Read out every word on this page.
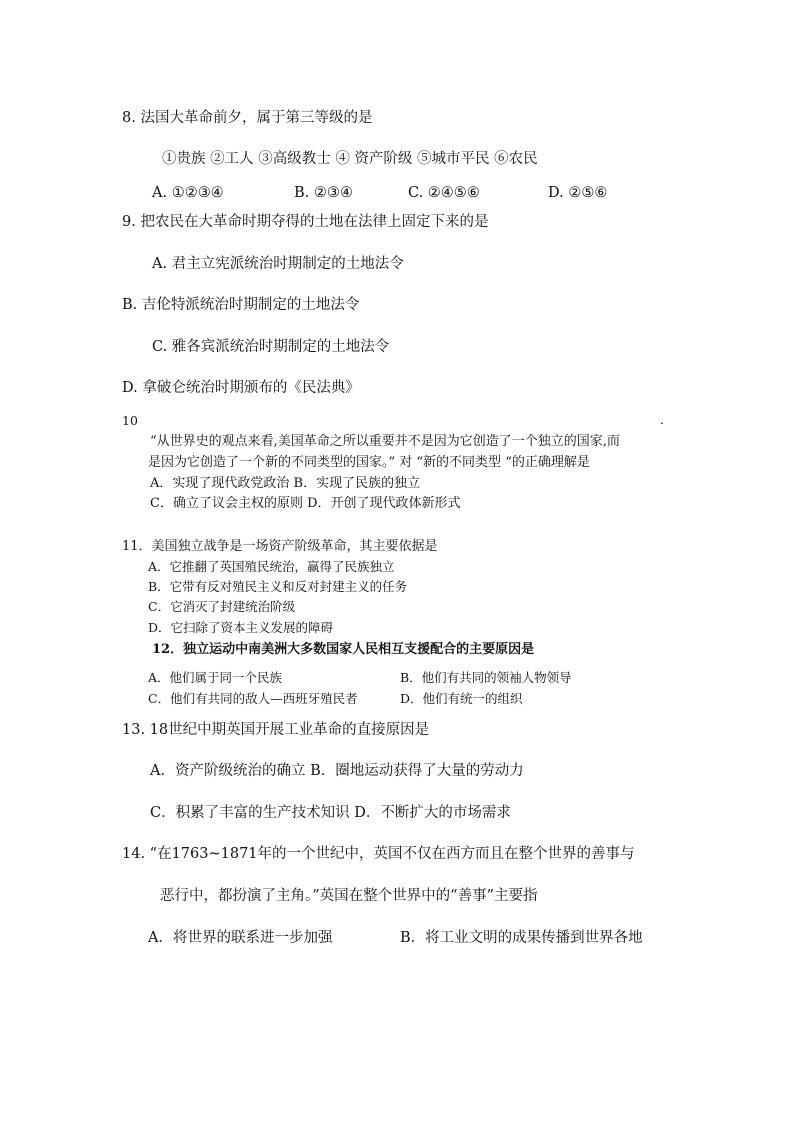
8. 法国大革命前夕，属于第三等级的是
①贵族 ②工人 ③高级教士 ④ 资产阶级 ⑤城市平民 ⑥农民
A. ①②③④	B. ②③④	C. ②④⑤⑥	D. ②⑤⑥
9. 把农民在大革命时期夺得的土地在法律上固定下来的是
A. 君主立宪派统治时期制定的土地法令
B. 吉伦特派统治时期制定的土地法令
C. 雅各宾派统治时期制定的土地法令
D. 拿破仑统治时期颁布的《民法典》
10	.
“从世界史的观点来看,美国革命之所以重要并不是因为它创造了一个独立的国家,而
是因为它创造了一个新的不同类型的国家。” 对 “新的不同类型 “的正确理解是
A．实现了现代政党政治 B．实现了民族的独立
C．确立了议会主权的原则 D．开创了现代政体新形式
11．美国独立战争是一场资产阶级革命，其主要依据是
A．它推翻了英国殖民统治，赢得了民族独立
B．它带有反对殖民主义和反对封建主义的任务
C．它消灭了封建统治阶级
D．它扫除了资本主义发展的障碍
12．独立运动中南美洲大多数国家人民相互支援配合的主要原因是
A．他们属于同一个民族	B．他们有共同的领袖人物领导
C．他们有共同的敌人—西班牙殖民者	D．他们有统一的组织
13. 18世纪中期英国开展工业革命的直接原因是
A．资产阶级统治的确立 B．圈地运动获得了大量的劳动力
C．积累了丰富的生产技术知识 D．不断扩大的市场需求
14. “在1763~1871年的一个世纪中，英国不仅在西方而且在整个世界的善事与
恶行中，都扮演了主角。”英国在整个世界中的“善事”主要指
A．将世界的联系进一步加强	B．将工业文明的成果传播到世界各地
